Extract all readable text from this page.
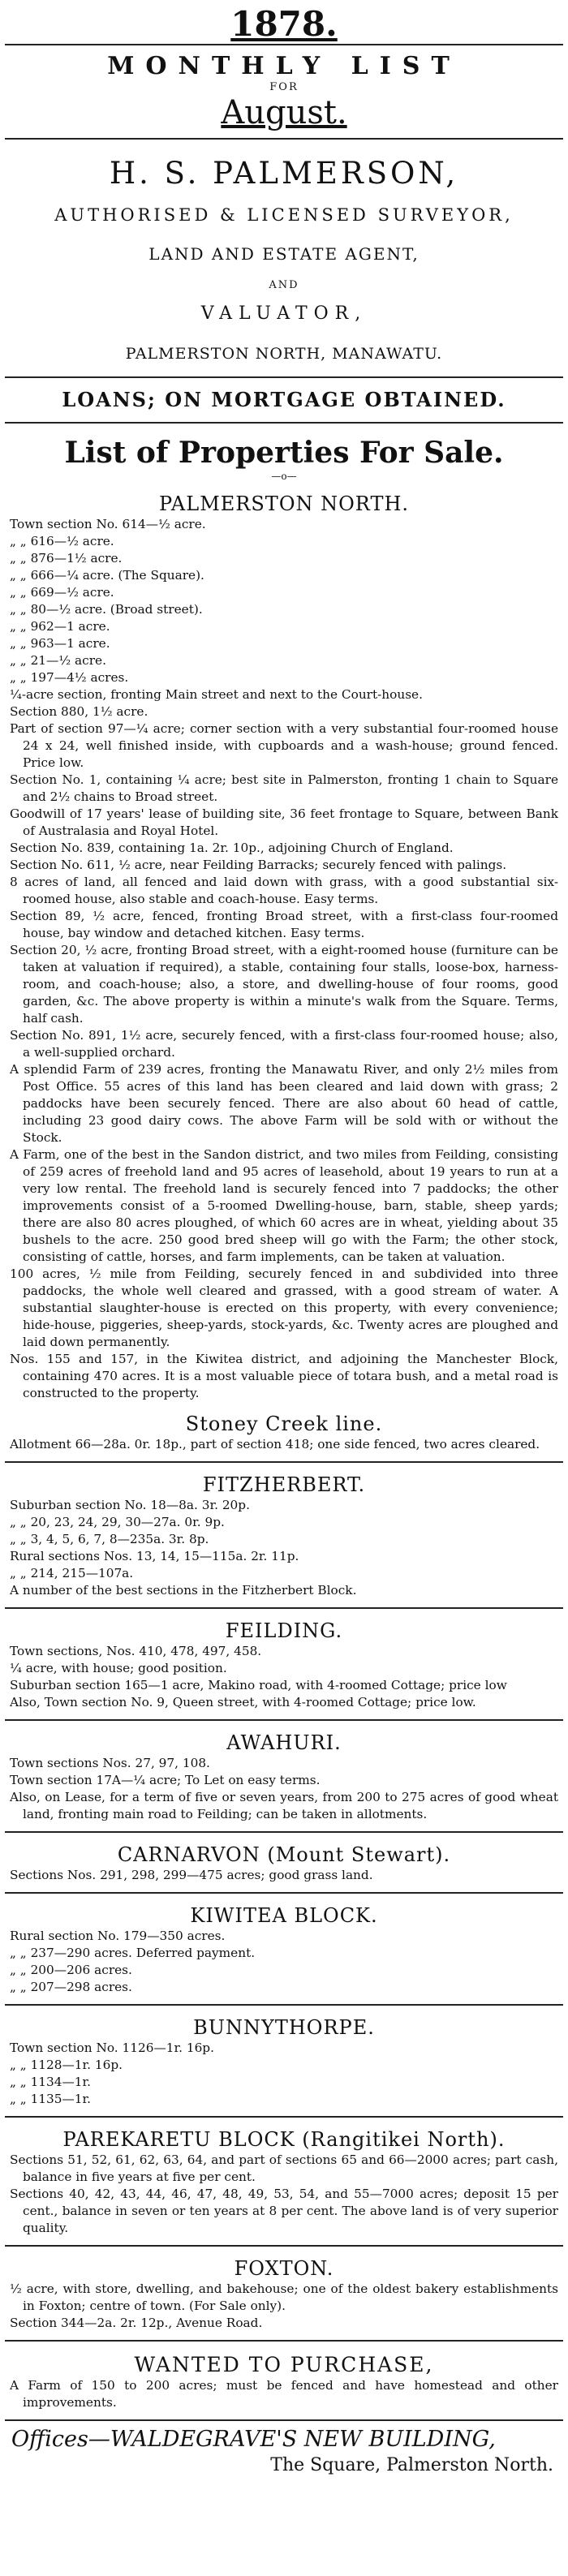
1878.
MONTHLY LIST
FOR
August.
H. S. PALMERSON,
AUTHORISED & LICENSED SURVEYOR,
LAND AND ESTATE AGENT,
AND
VALUATOR,
PALMERSTON NORTH, MANAWATU.
LOANS; ON MORTGAGE OBTAINED.
List of Properties For Sale.
—o—
PALMERSTON NORTH.

Town section No. 614—½ acre.

„ „ 616—½ acre.

„ „ 876—1½ acre.

„ „ 666—¼ acre. (The Square).

„ „ 669—½ acre.

„ „ 80—½ acre. (Broad street).

„ „ 962—1 acre.

„ „ 963—1 acre.

„ „ 21—½ acre.

„ „ 197—4½ acres.

¼-acre section, fronting Main street and next to the Court-house.

Section 880, 1½ acre.

Part of section 97—¼ acre; corner section with a very substantial four-roomed house 24 x 24, well finished inside, with cupboards and a wash-house; ground fenced. Price low.

Section No. 1, containing ¼ acre; best site in Palmerston, fronting 1 chain to Square and 2½ chains to Broad street.

Goodwill of 17 years' lease of building site, 36 feet frontage to Square, between Bank of Australasia and Royal Hotel.

Section No. 839, containing 1a. 2r. 10p., adjoining Church of England.

Section No. 611, ½ acre, near Feilding Barracks; securely fenced with palings.

8 acres of land, all fenced and laid down with grass, with a good substantial six-roomed house, also stable and coach-house. Easy terms.

Section 89, ½ acre, fenced, fronting Broad street, with a first-class four-roomed house, bay window and detached kitchen. Easy terms.

Section 20, ½ acre, fronting Broad street, with a eight-roomed house (furniture can be taken at valuation if required), a stable, containing four stalls, loose-box, harness-room, and coach-house; also, a store, and dwelling-house of four rooms, good garden, &c. The above property is within a minute's walk from the Square. Terms, half cash.

Section No. 891, 1½ acre, securely fenced, with a first-class four-roomed house; also, a well-supplied orchard.

A splendid Farm of 239 acres, fronting the Manawatu River, and only 2½ miles from Post Office. 55 acres of this land has been cleared and laid down with grass; 2 paddocks have been securely fenced. There are also about 60 head of cattle, including 23 good dairy cows. The above Farm will be sold with or without the Stock.

A Farm, one of the best in the Sandon district, and two miles from Feilding, consisting of 259 acres of freehold land and 95 acres of leasehold, about 19 years to run at a very low rental. The freehold land is securely fenced into 7 paddocks; the other improvements consist of a 5-roomed Dwelling-house, barn, stable, sheep yards; there are also 80 acres ploughed, of which 60 acres are in wheat, yielding about 35 bushels to the acre. 250 good bred sheep will go with the Farm; the other stock, consisting of cattle, horses, and farm implements, can be taken at valuation.

100 acres, ½ mile from Feilding, securely fenced in and subdivided into three paddocks, the whole well cleared and grassed, with a good stream of water. A substantial slaughter-house is erected on this property, with every convenience; hide-house, piggeries, sheep-yards, stock-yards, &c. Twenty acres are ploughed and laid down permanently.

Nos. 155 and 157, in the Kiwitea district, and adjoining the Manchester Block, containing 470 acres. It is a most valuable piece of totara bush, and a metal road is constructed to the property.

Stoney Creek line.

Allotment 66—28a. 0r. 18p., part of section 418; one side fenced, two acres cleared.

FITZHERBERT.

Suburban section No. 18—8a. 3r. 20p.

„ „ 20, 23, 24, 29, 30—27a. 0r. 9p.

„ „ 3, 4, 5, 6, 7, 8—235a. 3r. 8p.

Rural sections Nos. 13, 14, 15—115a. 2r. 11p.

„ „ 214, 215—107a.

A number of the best sections in the Fitzherbert Block.

FEILDING.

Town sections, Nos. 410, 478, 497, 458.

¼ acre, with house; good position.

Suburban section 165—1 acre, Makino road, with 4-roomed Cottage; price low

Also, Town section No. 9, Queen street, with 4-roomed Cottage; price low.

AWAHURI.

Town sections Nos. 27, 97, 108.

Town section 17A—¼ acre; To Let on easy terms.

Also, on Lease, for a term of five or seven years, from 200 to 275 acres of good wheat land, fronting main road to Feilding; can be taken in allotments.

CARNARVON (Mount Stewart).

Sections Nos. 291, 298, 299—475 acres; good grass land.

KIWITEA BLOCK.

Rural section No. 179—350 acres.

„ „ 237—290 acres. Deferred payment.

„ „ 200—206 acres.

„ „ 207—298 acres.

BUNNYTHORPE.

Town section No. 1126—1r. 16p.

„ „ 1128—1r. 16p.

„ „ 1134—1r.

„ „ 1135—1r.

PAREKARETU BLOCK (Rangitikei North).

Sections 51, 52, 61, 62, 63, 64, and part of sections 65 and 66—2000 acres; part cash, balance in five years at five per cent.

Sections 40, 42, 43, 44, 46, 47, 48, 49, 53, 54, and 55—7000 acres; deposit 15 per cent., balance in seven or ten years at 8 per cent. The above land is of very superior quality.

FOXTON.

½ acre, with store, dwelling, and bakehouse; one of the oldest bakery establishments in Foxton; centre of town. (For Sale only).

Section 344—2a. 2r. 12p., Avenue Road.

WANTED TO PURCHASE,

A Farm of 150 to 200 acres; must be fenced and have homestead and other improvements.

Offices—WALDEGRAVE'S NEW BUILDING,
The Square, Palmerston North.
